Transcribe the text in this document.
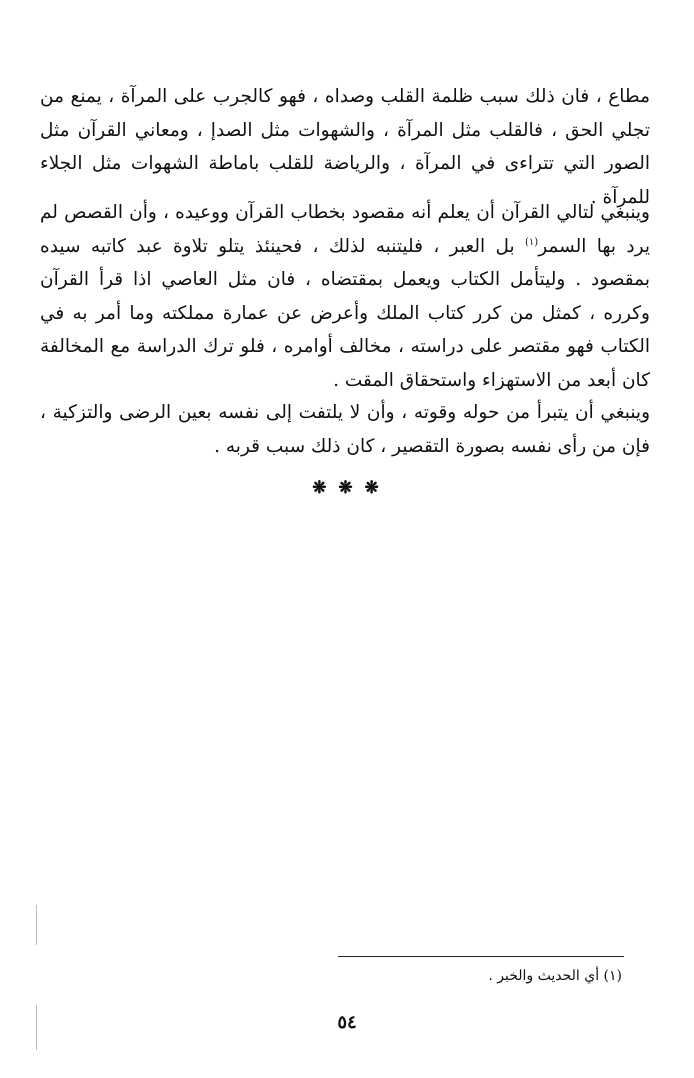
مطاع ، فان ذلك سبب ظلمة القلب وصداه ، فهو كالجرب على المرآة ، يمنع من تجلي الحق ، فالقلب مثل المرآة ، والشهوات مثل الصدإ ، ومعاني القرآن مثل الصور التي تتراءى في المرآة ، والرياضة للقلب باماطة الشهوات مثل الجلاء للمرآة .

وينبغي لتالي القرآن أن يعلم أنه مقصود بخطاب القرآن ووعيده ، وأن القصص لم يرد بها السمر$^{(١)}$ بل العبر ، فليتنبه لذلك ، فحينئذ يتلو تلاوة عبد كاتبه سيده بمقصود . وليتأمل الكتاب ويعمل بمقتضاه ، فان مثل العاصي اذا قرأ القرآن وكرره ، كمثل من كرر كتاب الملك وأعرض عن عمارة مملكته وما أمر به في الكتاب فهو مقتصر على دراسته ، مخالف أوامره ، فلو ترك الدراسة مع المخالفة كان أبعد من الاستهزاء واستحقاق المقت .

وينبغي أن يتبرأ من حوله وقوته ، وأن لا يلتفت إلى نفسه بعين الرضى والتزكية ، فإن من رأى نفسه بصورة التقصير ، كان ذلك سبب قربه .

❋ ❋ ❋
(١) أي الحديث والخبر .
٥٤
